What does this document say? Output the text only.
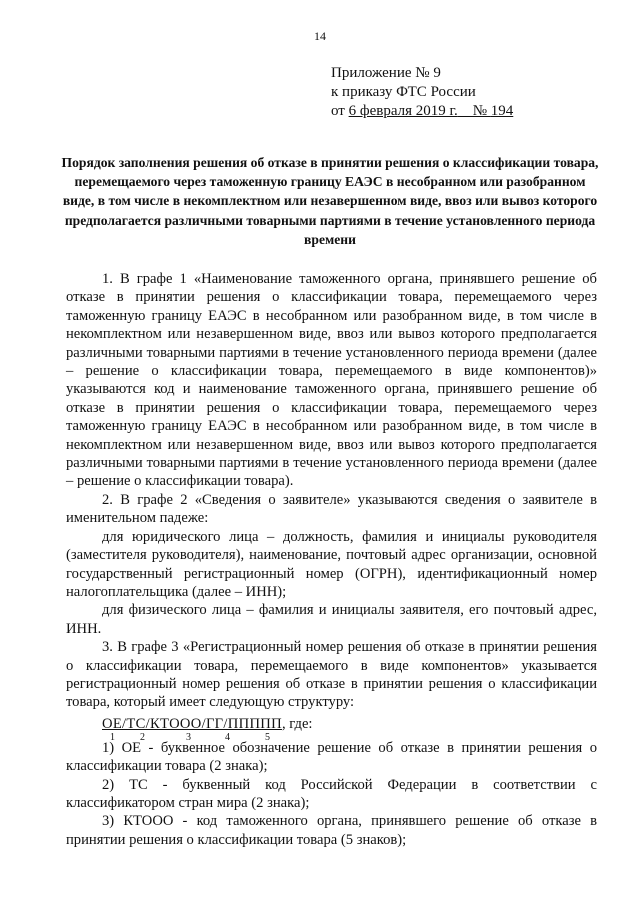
14
Приложение № 9
к приказу ФТС России
от 6 февраля 2019 г.    № 194
Порядок заполнения решения об отказе в принятии решения о классификации товара, перемещаемого через таможенную границу ЕАЭС в несобранном или разобранном виде, в том числе в некомплектном или незавершенном виде, ввоз или вывоз которого предполагается различными товарными партиями в течение установленного периода времени

1. В графе 1 «Наименование таможенного органа, принявшего решение об отказе в принятии решения о классификации товара, перемещаемого через таможенную границу ЕАЭС в несобранном или разобранном виде, в том числе в некомплектном или незавершенном виде, ввоз или вывоз которого предполагается различными товарными партиями в течение установленного периода времени (далее – решение о классификации товара, перемещаемого в виде компонентов)» указываются код и наименование таможенного органа, принявшего решение об отказе в принятии решения о классификации товара, перемещаемого через таможенную границу ЕАЭС в несобранном или разобранном виде, в том числе в некомплектном или незавершенном виде, ввоз или вывоз которого предполагается различными товарными партиями в течение установленного периода времени (далее – решение о классификации товара).

2. В графе 2 «Сведения о заявителе» указываются сведения о заявителе в именительном падеже:

для юридического лица – должность, фамилия и инициалы руководителя (заместителя руководителя), наименование, почтовый адрес организации, основной государственный регистрационный номер (ОГРН), идентификационный номер налогоплательщика (далее – ИНН);

для физического лица – фамилия и инициалы заявителя, его почтовый адрес, ИНН.

3. В графе 3 «Регистрационный номер решения об отказе в принятии решения о классификации товара, перемещаемого в виде компонентов» указывается регистрационный номер решения об отказе в принятии решения о классификации товара, который имеет следующую структуру:

ОЕ/ТС/КТООО/ГГ/ППППП, где:
1	2	3	4	5

1) ОЕ - буквенное обозначение решение об отказе в принятии решения о классификации товара (2 знака);

2) ТС - буквенный код Российской Федерации в соответствии с классификатором стран мира (2 знака);

3) КТООО - код таможенного органа, принявшего решение об отказе в принятии решения о классификации товара (5 знаков);
